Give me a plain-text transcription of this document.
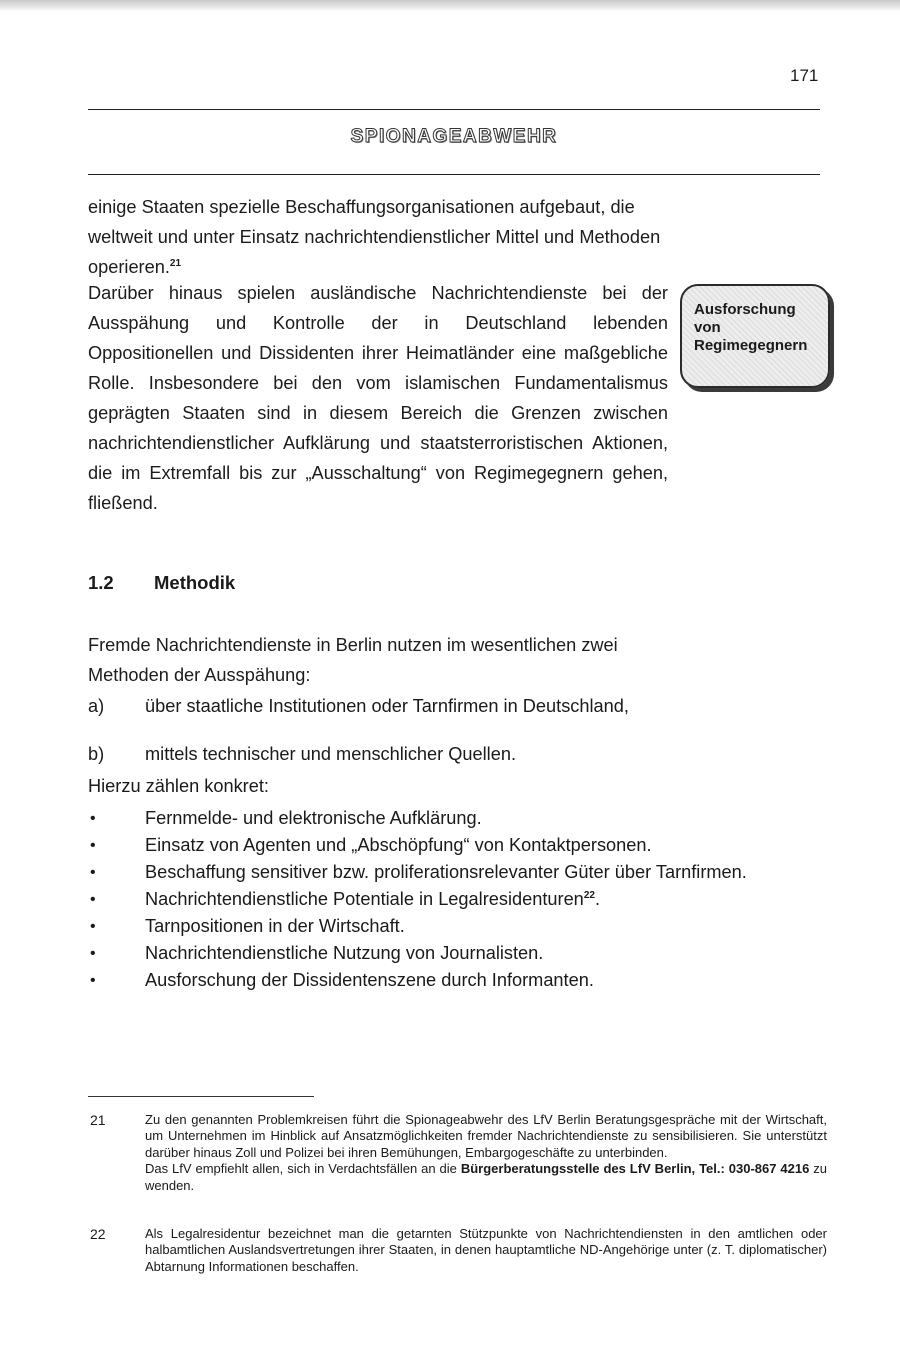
171
SPIONAGEABWEHR

einige Staaten spezielle Beschaffungsorganisationen aufgebaut, die weltweit und unter Einsatz nachrichtendienstlicher Mittel und Methoden operieren.$^{21}$

Darüber hinaus spielen ausländische Nachrichtendienste bei der Ausspähung und Kontrolle der in Deutschland lebenden Oppositionellen und Dissidenten ihrer Heimatländer eine maßgebliche Rolle. Insbesondere bei den vom islamischen Fundamentalismus geprägten Staaten sind in diesem Bereich die Grenzen zwischen nachrichtendienstlicher Aufklärung und staatsterroristischen Aktionen, die im Extremfall bis zur „Ausschaltung“ von Regimegegnern gehen, fließend.

Ausforschung
von
Regimegegnern
1.2 Methodik

Fremde Nachrichtendienste in Berlin nutzen im wesentlichen zwei Methoden der Ausspähung:

a) über staatliche Institutionen oder Tarnfirmen in Deutschland,
b) mittels technischer und menschlicher Quellen.
Hierzu zählen konkret:
•	Fernmelde- und elektronische Aufklärung.
•	Einsatz von Agenten und „Abschöpfung“ von Kontaktpersonen.
•	Beschaffung sensitiver bzw. proliferationsrelevanter Güter über Tarnfirmen.
•	Nachrichtendienstliche Potentiale in Legalresidenturen$^{22}$.
•	Tarnpositionen in der Wirtschaft.
•	Nachrichtendienstliche Nutzung von Journalisten.
•	Ausforschung der Dissidentenszene durch Informanten.
21	Zu den genannten Problemkreisen führt die Spionageabwehr des LfV Berlin Beratungsgespräche mit der Wirtschaft, um Unternehmen im Hinblick auf Ansatzmöglichkeiten fremder Nachrichtendienste zu sensibilisieren. Sie unterstützt darüber hinaus Zoll und Polizei bei ihren Bemühungen, Embargogeschäfte zu unterbinden.

Das LfV empfiehlt allen, sich in Verdachtsfällen an die Bürgerberatungsstelle des LfV Berlin, Tel.: 030-867 4216 zu wenden.

22	Als Legalresidentur bezeichnet man die getarnten Stützpunkte von Nachrichtendiensten in den amtlichen oder halbamtlichen Auslandsvertretungen ihrer Staaten, in denen hauptamtliche ND-Angehörige unter (z. T. diplomatischer) Abtarnung Informationen beschaffen.
